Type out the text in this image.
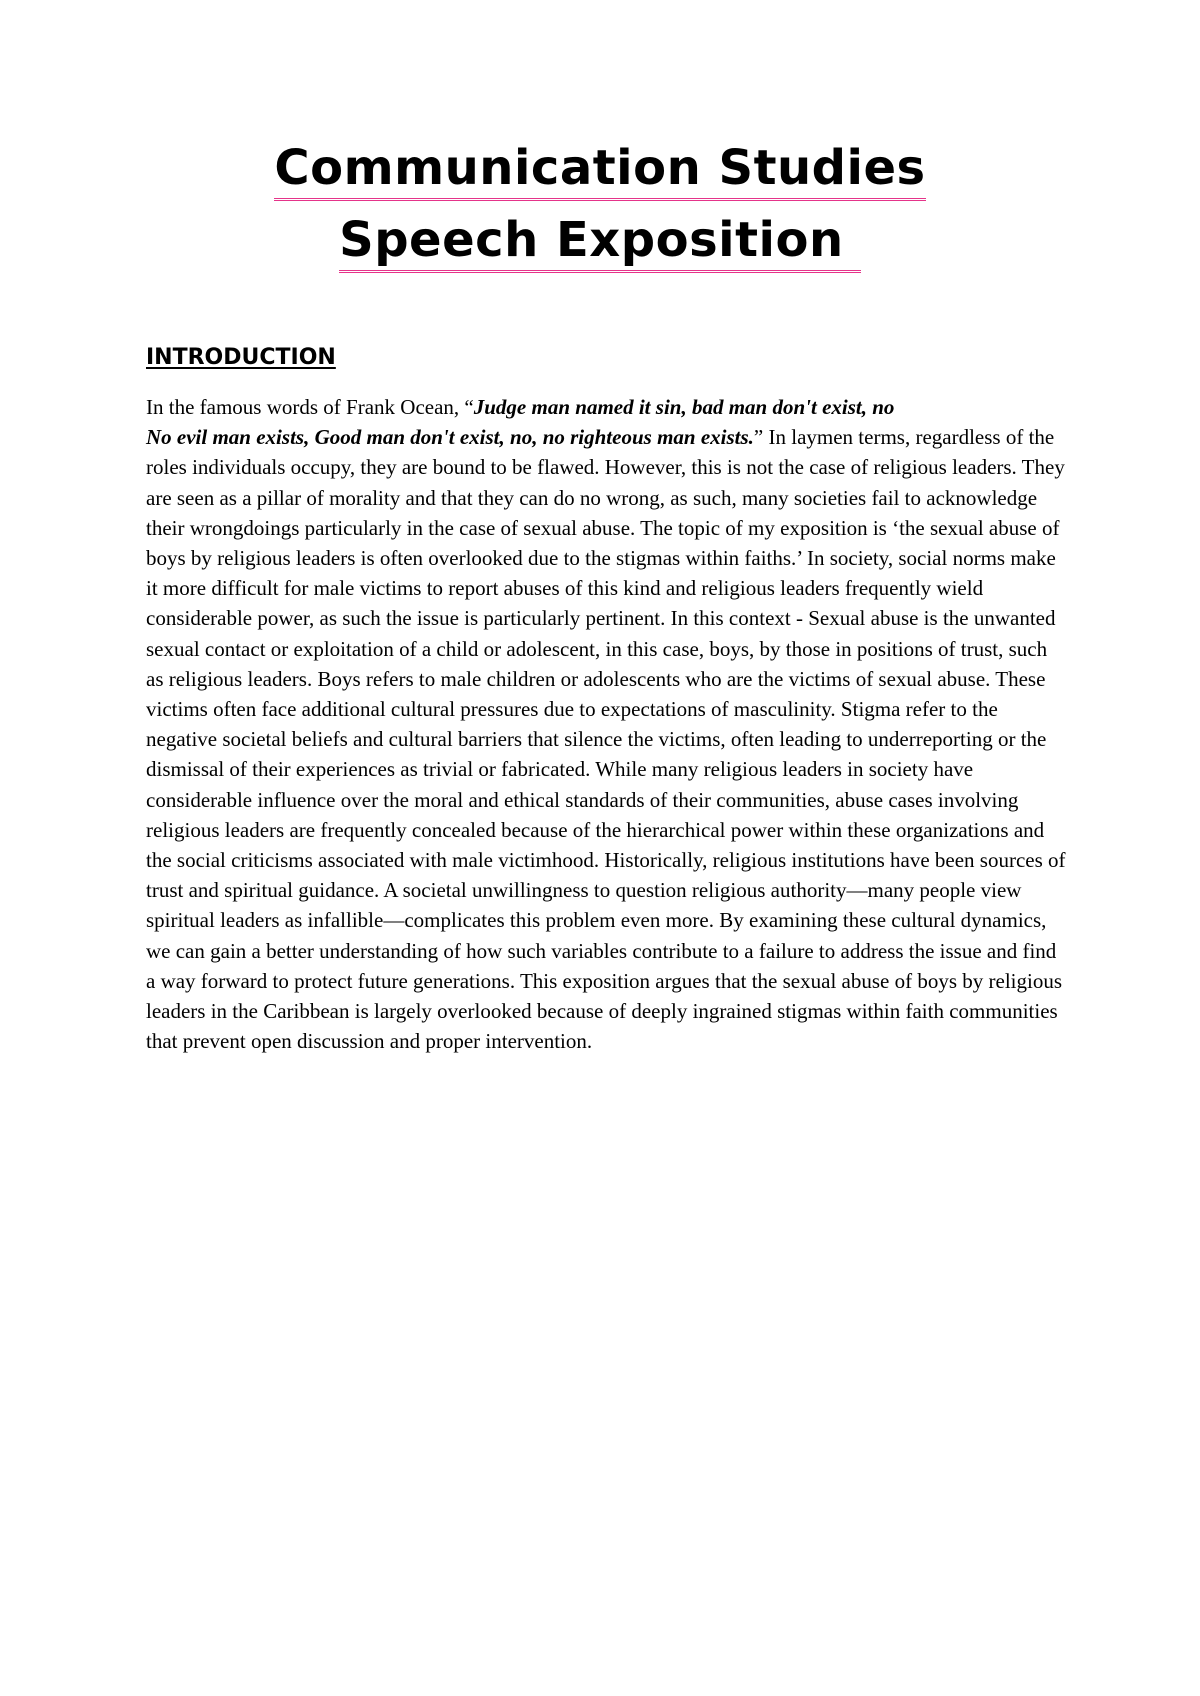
Communication Studies
Speech Exposition
INTRODUCTION

In the famous words of Frank Ocean, “Judge man named it sin, bad man don't exist, no
No evil man exists, Good man don't exist, no, no righteous man exists.” In laymen terms, regardless of the roles individuals occupy, they are bound to be flawed. However, this is not the case of religious leaders. They are seen as a pillar of morality and that they can do no wrong, as such, many societies fail to acknowledge their wrongdoings particularly in the case of sexual abuse. The topic of my exposition is ‘the sexual abuse of boys by religious leaders is often overlooked due to the stigmas within faiths.’ In society, social norms make it more difficult for male victims to report abuses of this kind and religious leaders frequently wield considerable power, as such the issue is particularly pertinent. In this context - Sexual abuse is the unwanted sexual contact or exploitation of a child or adolescent, in this case, boys, by those in positions of trust, such as religious leaders. Boys refers to male children or adolescents who are the victims of sexual abuse. These victims often face additional cultural pressures due to expectations of masculinity. Stigma refer to the negative societal beliefs and cultural barriers that silence the victims, often leading to underreporting or the dismissal of their experiences as trivial or fabricated. While many religious leaders in society have considerable influence over the moral and ethical standards of their communities, abuse cases involving religious leaders are frequently concealed because of the hierarchical power within these organizations and the social criticisms associated with male victimhood. Historically, religious institutions have been sources of trust and spiritual guidance. A societal unwillingness to question religious authority—many people view spiritual leaders as infallible—complicates this problem even more. By examining these cultural dynamics, we can gain a better understanding of how such variables contribute to a failure to address the issue and find a way forward to protect future generations. This exposition argues that the sexual abuse of boys by religious leaders in the Caribbean is largely overlooked because of deeply ingrained stigmas within faith communities that prevent open discussion and proper intervention.
